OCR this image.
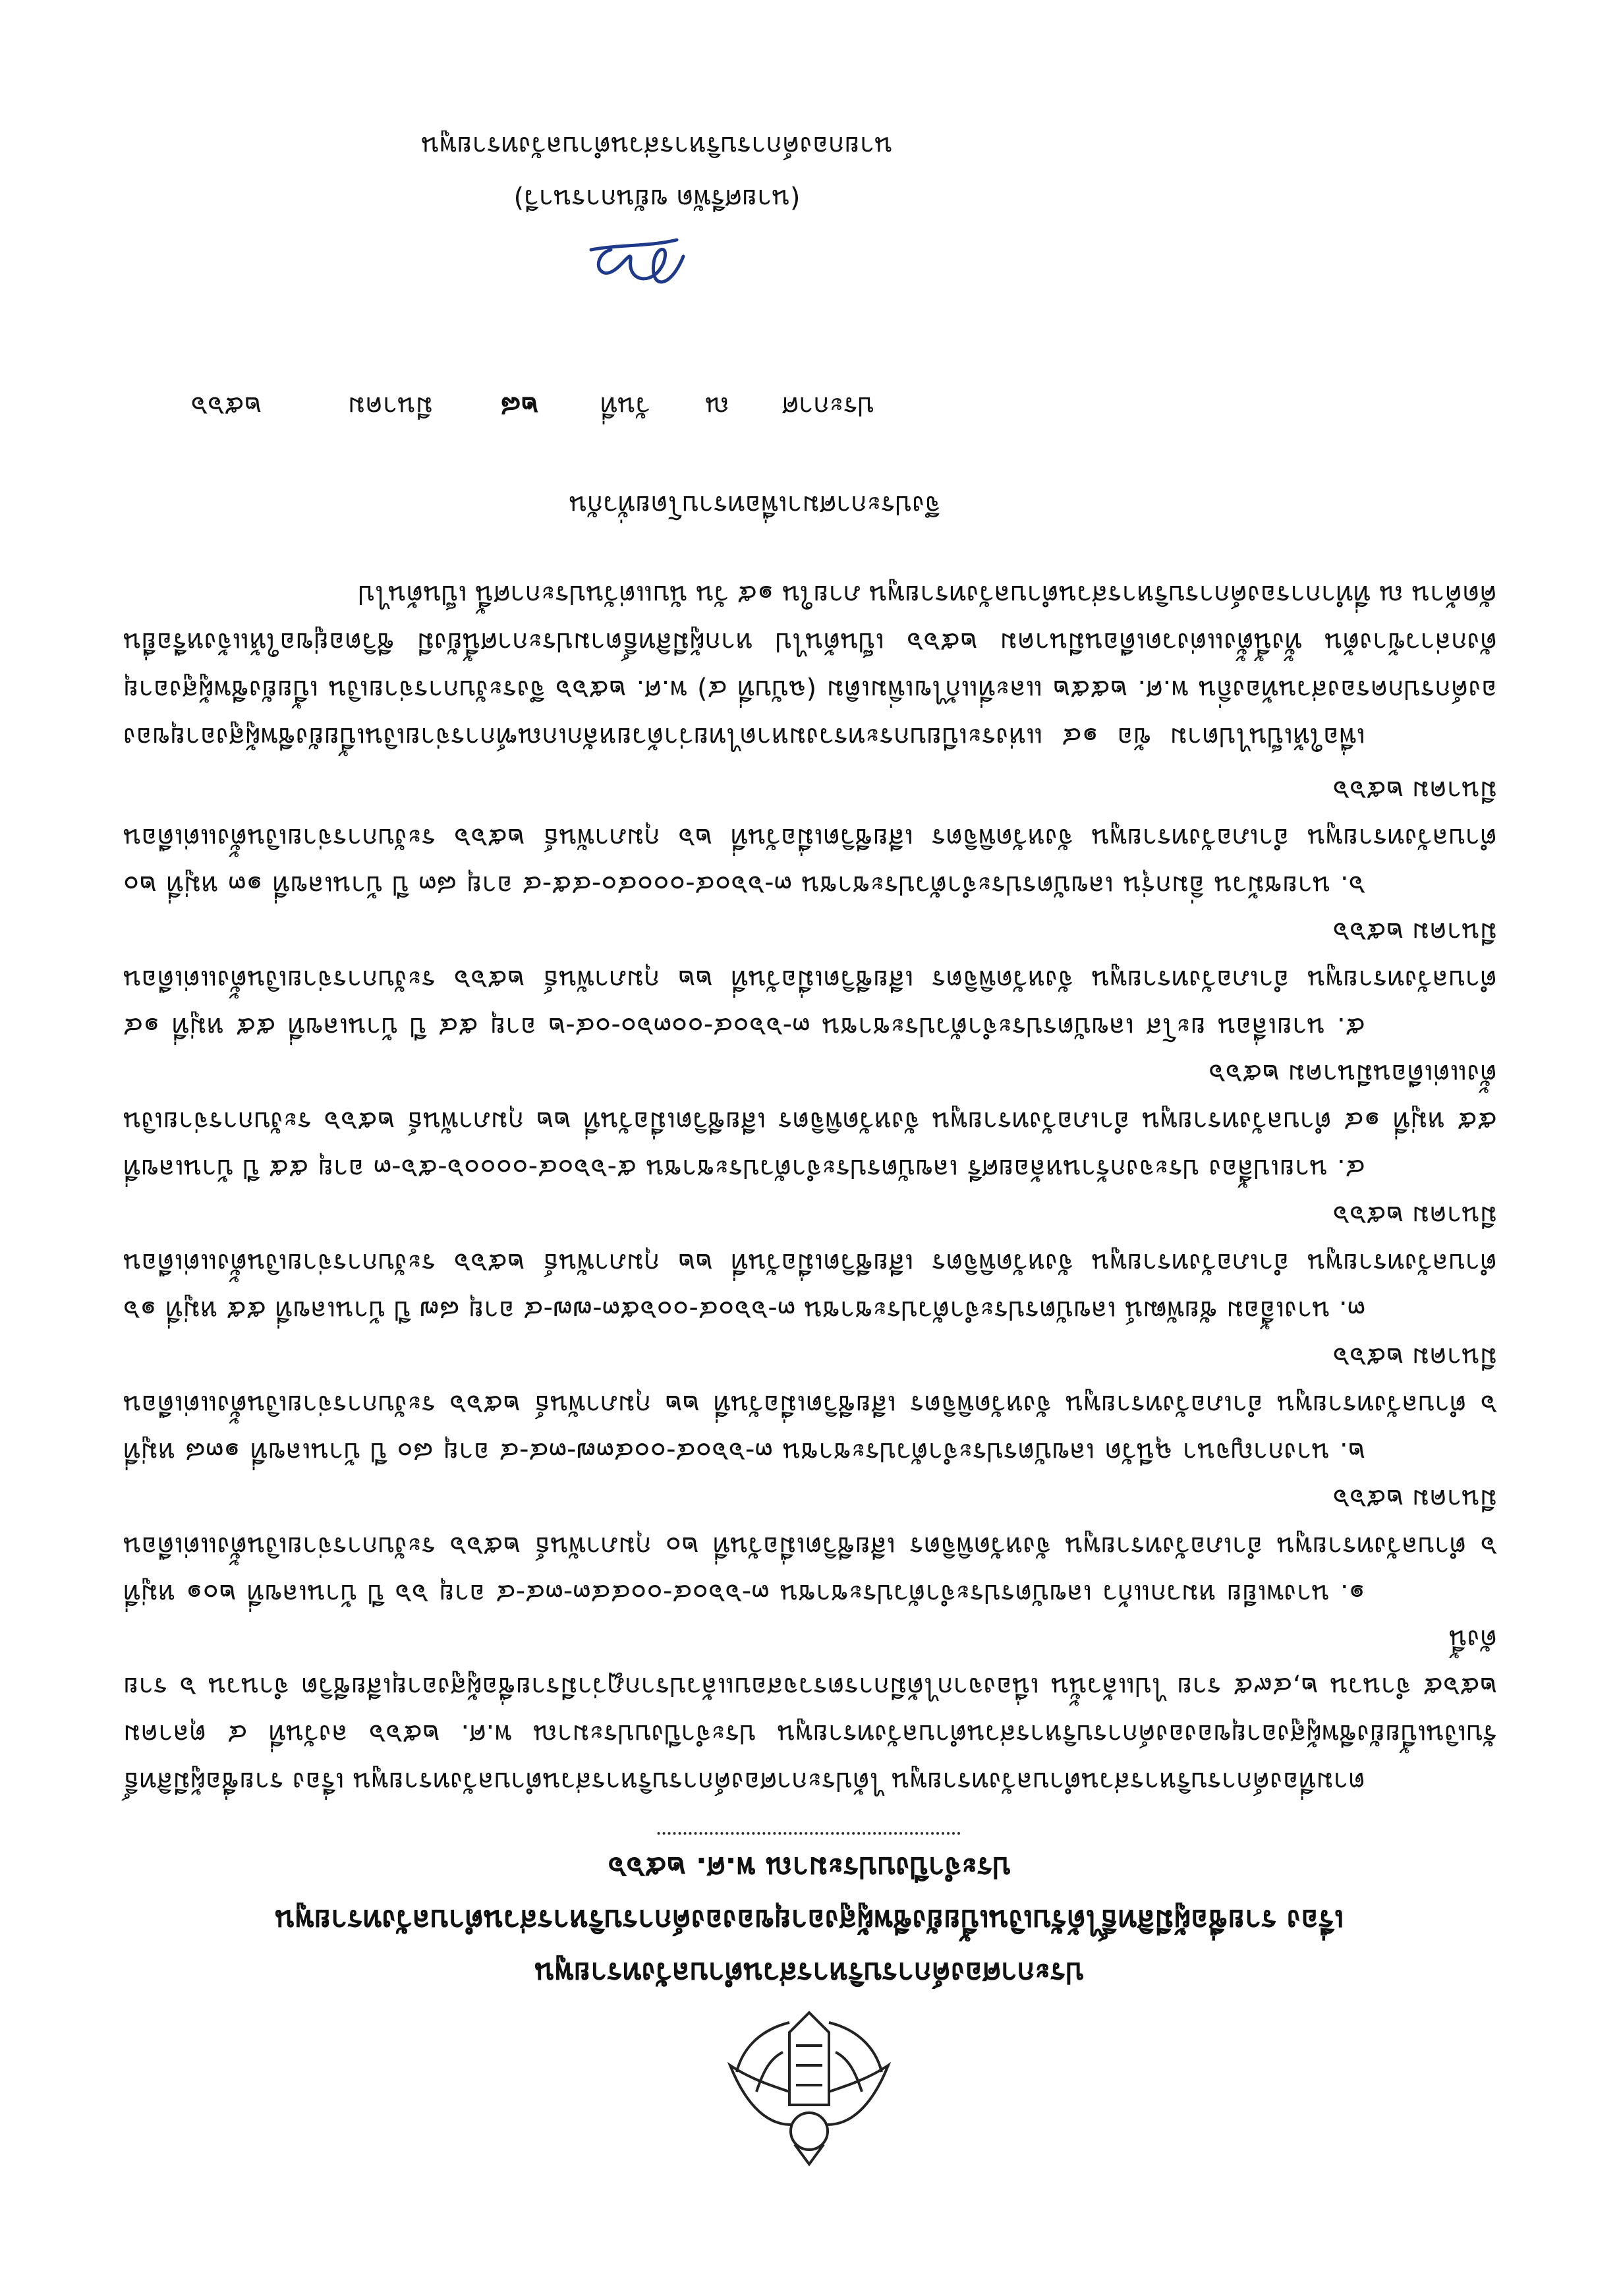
ประกาศองค์การบริหารส่วนตำบลวังทรายพูน
เรื่อง รายชื่อผู้มีสิทธิ์ได้รับเงินเบี้ยยังชีพผู้สูงอายุขององค์การบริหารส่วนตำบลวังทรายพูน
ประจำปีงบประมาณ พ.ศ. ๒๕๖๖
ตามที่องค์การบริหารส่วนตำบลวังทรายพูน ได้ประกาศองค์การบริหารส่วนตำบลวังทรายพูน เรื่อง รายชื่อผู้มีสิทธิ์รับเงินเบี้ยยังชีพผู้สูงอายุขององค์การบริหารส่วนตำบลวังทรายพูน ประจำปีงบประมาณ พ.ศ. ๒๕๖๖ ลงวันที่ ๔ ตุลาคม ๒๕๖๕ จำนวน ๒,๔๙๕ ราย ไปแล้วนั้น เนื่องจากได้มีการตรวจสอบแล้วปรากฏว่ามีรายชื่อผู้สูงอายุเสียชีวิต จำนวน ๖ รายดังนี้
๑. นางพเยีย หมวกแก้ว เลขบัตรประจำตัวประชาชน ๓-๖๖๐๔-๐๐๔๔๓-๓๔-๔ อายุ ๖๖ ปี บ้านเลขที่ ๒๐๑ หมู่ที่ ๖ ตำบลวังทรายพูน อำเภอวังทรายพูน จังหวัดพิจิตร เสียชีวิตเมื่อวันที่ ๒๐ กุมภาพันธ์ ๒๕๖๖ ระงับการจ่ายเงินตั้งแต่เดือนมีนาคม ๒๕๖๖
๒. นางกาญจนา ฉุนีวัด เลขบัตรประจำตัวประชาชน ๓-๖๖๐๔-๐๐๔๓๗-๓๔-๔ อายุ ๘๐ ปี บ้านเลขที่ ๑๓๘ หมู่ที่ ๖ ตำบลวังทรายพูน อำเภอวังทรายพูน จังหวัดพิจิตร เสียชีวิตเมื่อวันที่ ๒๒ กุมภาพันธ์ ๒๕๖๖ ระงับการจ่ายเงินตั้งแต่เดือนมีนาคม ๒๕๖๖
๓. นางเอื้อม ชัยพัฒน์ เลขบัตรประจำตัวประชาชน ๓-๖๖๐๔-๐๐๖๕๓-๗๗-๔ อายุ ๘๗ ปี บ้านเลขที่ ๕๕ หมู่ที่ ๑๖ ตำบลวังทรายพูน อำเภอวังทรายพูน จังหวัดพิจิตร เสียชีวิตเมื่อวันที่ ๒๒ กุมภาพันธ์ ๒๕๖๖ ระงับการจ่ายเงินตั้งแต่เดือนมีนาคม ๒๕๖๖
๔. นายเปลื้อง ประจงกร้านหล้อยศรี เลขบัตรประจำตัวประชาชน ๕-๖๖๐๔-๐๐๐๐๖-๕๖-๓ อายุ ๕๕ ปี บ้านเลขที่ ๕๕ หมู่ที่ ๑๔ ตำบลวังทรายพูน อำเภอวังทรายพูน จังหวัดพิจิตร เสียชีวิตเมื่อวันที่ ๒๒ กุมภาพันธ์ ๒๕๖๖ ระงับการจ่ายเงินตั้งแต่เดือนมีนาคม ๒๕๖๖
๕. นายเลื่อน ยะโส เลขบัตรประจำตัวประชาชน ๓-๖๖๐๔-๐๐๓๖๐-๐๔-๒ อายุ ๕๔ ปี บ้านเลขที่ ๕๕ หมู่ที่ ๑๔ ตำบลวังทรายพูน อำเภอวังทรายพูน จังหวัดพิจิตร เสียชีวิตเมื่อวันที่ ๒๒ กุมภาพันธ์ ๒๕๖๖ ระงับการจ่ายเงินตั้งแต่เดือนมีนาคม ๒๕๖๖
๖. นายชม้วน อิ่มกรุ่น เลขบัตรประจำตัวประชาชน ๓-๖๖๐๔-๐๐๐๔๐-๔๕-๔ อายุ ๘๓ ปี บ้านเลขที่ ๑๓ หมู่ที่ ๒๐ ตำบลวังทรายพูน อำเภอวังทรายพูน จังหวัดพิจิตร เสียชีวิตเมื่อวันที่ ๒๖ กุมภาพันธ์ ๒๕๖๖ ระงับการจ่ายเงินตั้งแต่เดือนมีนาคม ๒๕๖๖
เพื่อให้เป็นไปตาม ข้อ ๑๔ แห่งระเบียบกระทรวงมหาดไทยว่าด้วยหลักเกณฑ์การจ่ายเงินเบี้ยยังชีพผู้สูงอายุของ องค์กรปกครองส่วนท้องถิ่น พ.ศ. ๒๕๕๒ และที่แก้ไขเพิ่มเติม (ฉบับที่ ๔) พ.ศ. ๒๕๖๖ จึงระงับการจ่ายเงิน เบี้ยยังชีพผู้สูงอายุดังกล่าวข้างต้น ทั้งนี้ตั้งแต่งวดเดือนมีนาคม ๒๕๖๖ เป็นต้นไป หากผู้มีสิทธิ์ตามประกาศนี้ยังมี ชีวิตอยู่ขอให้แจ้งหรือยื่นคัดค้าน ณ ที่ทำการองค์การบริหารส่วนตำบลวังทรายพูน ภายใน ๑๕ วัน นับแต่วันประกาศนี้ เป็นต้นไป
จึงประกาศมาเพื่อทราบโดยทั่วกัน
ประกาศ
ณ
วันที่
๒๘
มีนาคม
๒๕๖๖
(นายศรีพัด ขยันการนาวี)
นายกองค์การบริหารส่วนตำบลวังทรายพูน
